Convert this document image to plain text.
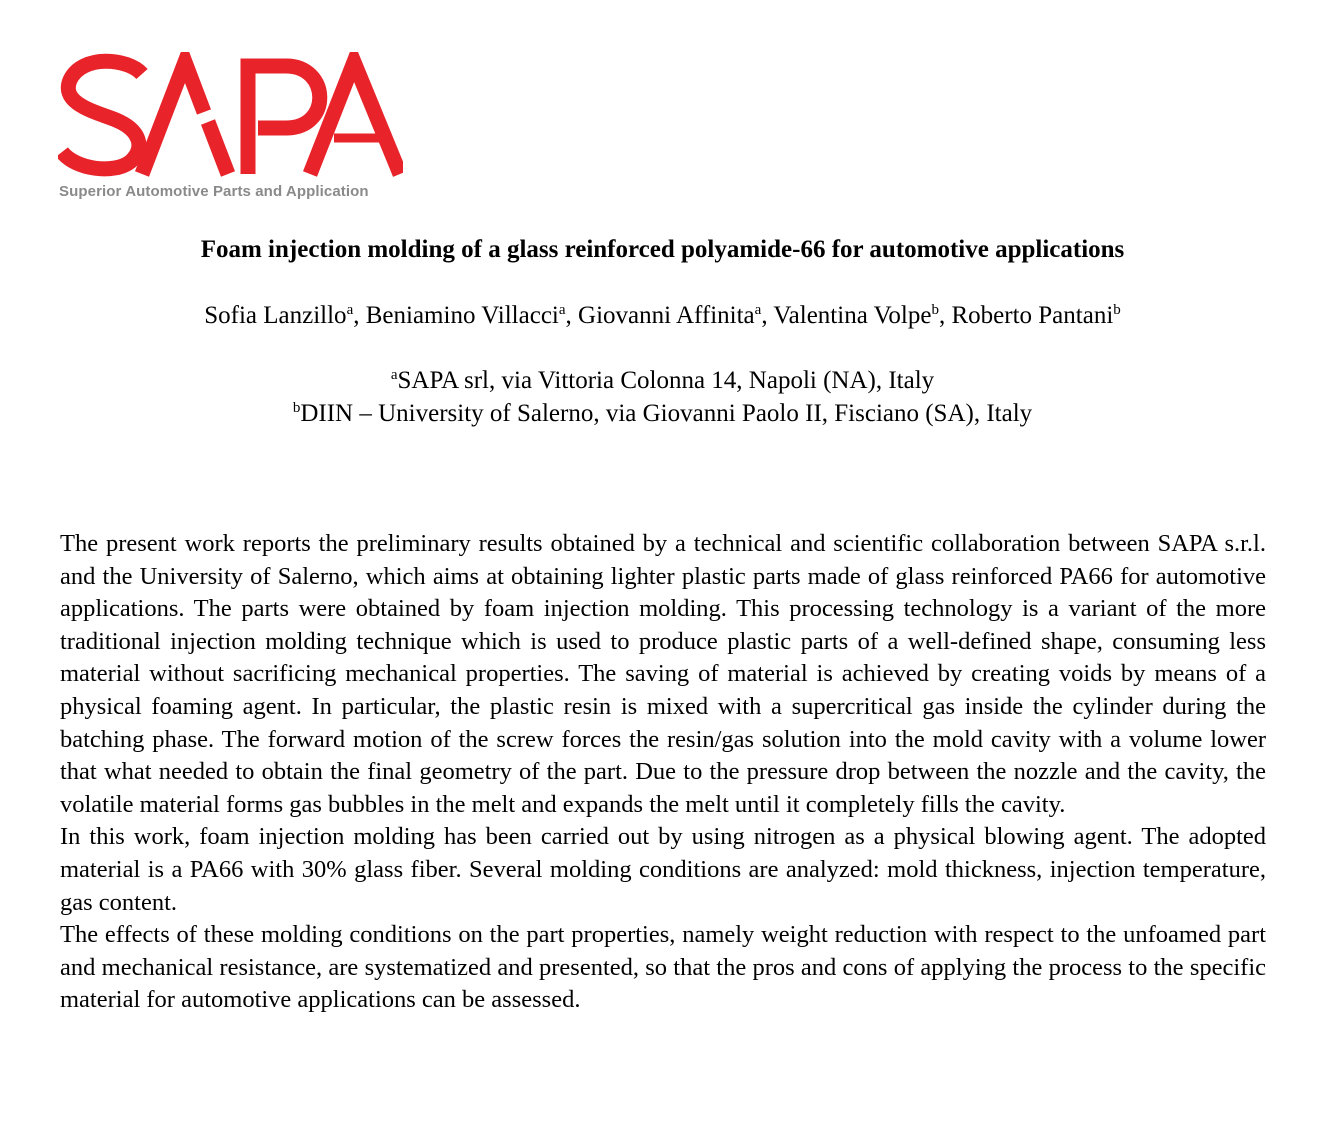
Superior Automotive Parts and Application
Foam injection molding of a glass reinforced polyamide-66 for automotive applications
Sofia Lanzillo$^a$, Beniamino Villacci$^a$, Giovanni Affinita$^a$, Valentina Volpe$^b$, Roberto Pantani$^b$
$^a$SAPA srl, via Vittoria Colonna 14, Napoli (NA), Italy
$^b$DIIN – University of Salerno, via Giovanni Paolo II, Fisciano (SA), Italy

The present work reports the preliminary results obtained by a technical and scientific collaboration between SAPA s.r.l. and the University of Salerno, which aims at obtaining lighter plastic parts made of glass reinforced PA66 for automotive applications. The parts were obtained by foam injection molding. This processing technology is a variant of the more traditional injection molding technique which is used to produce plastic parts of a well-defined shape, consuming less material without sacrificing mechanical properties. The saving of material is achieved by creating voids by means of a physical foaming agent. In particular, the plastic resin is mixed with a supercritical gas inside the cylinder during the batching phase. The forward motion of the screw forces the resin/gas solution into the mold cavity with a volume lower that what needed to obtain the final geometry of the part. Due to the pressure drop between the nozzle and the cavity, the volatile material forms gas bubbles in the melt and expands the melt until it completely fills the cavity.

In this work, foam injection molding has been carried out by using nitrogen as a physical blowing agent. The adopted material is a PA66 with 30% glass fiber. Several molding conditions are analyzed: mold thickness, injection temperature, gas content.

The effects of these molding conditions on the part properties, namely weight reduction with respect to the unfoamed part and mechanical resistance, are systematized and presented, so that the pros and cons of applying the process to the specific material for automotive applications can be assessed.
